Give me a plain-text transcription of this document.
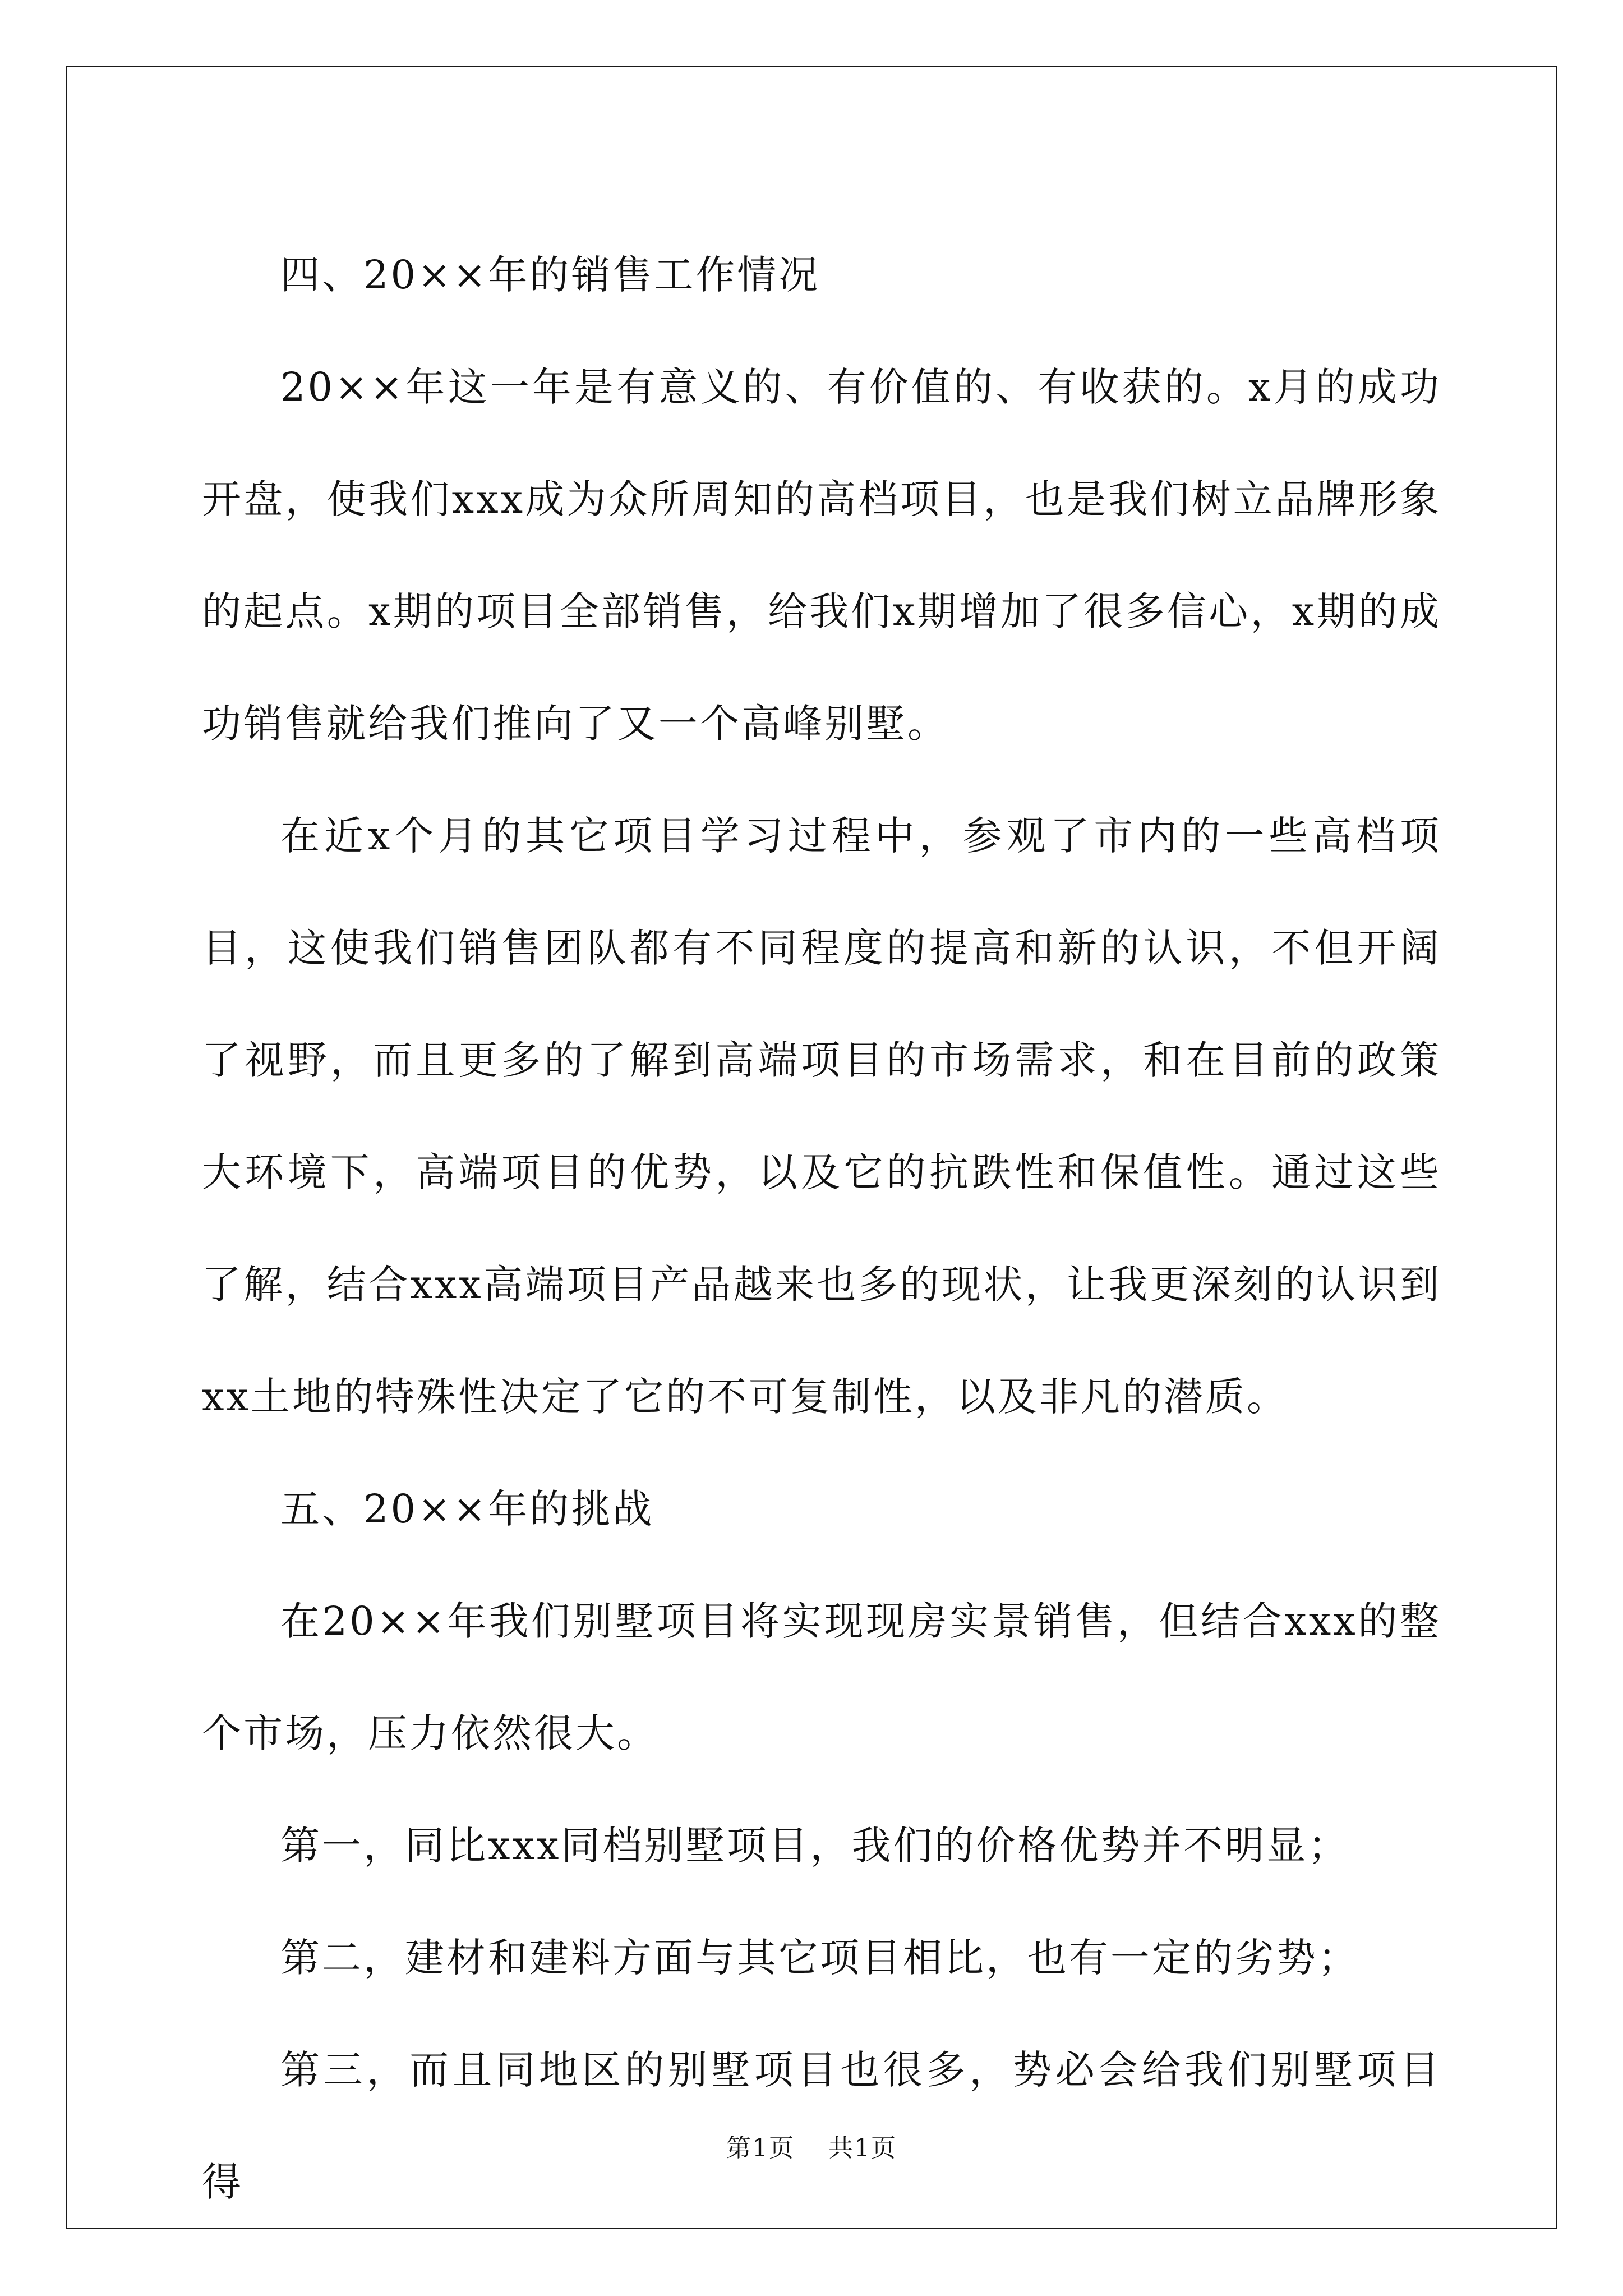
四、20××年的销售工作情况

20××年这一年是有意义的、有价值的、有收获的。x月的成功开盘，使我们xxx成为众所周知的高档项目，也是我们树立品牌形象的起点。x期的项目全部销售，给我们x期增加了很多信心，x期的成功销售就给我们推向了又一个高峰别墅。

在近x个月的其它项目学习过程中，参观了市内的一些高档项目，这使我们销售团队都有不同程度的提高和新的认识，不但开阔了视野，而且更多的了解到高端项目的市场需求，和在目前的政策大环境下，高端项目的优势，以及它的抗跌性和保值性。通过这些了解，结合xxx高端项目产品越来也多的现状，让我更深刻的认识到xx土地的特殊性决定了它的不可复制性，以及非凡的潜质。

五、20××年的挑战

在20××年我们别墅项目将实现现房实景销售，但结合xxx的整个市场，压力依然很大。

第一，同比xxx同档别墅项目，我们的价格优势并不明显；

第二，建材和建料方面与其它项目相比，也有一定的劣势；

第三，而且同地区的别墅项目也很多，势必会给我们别墅项目得

第1页 共1页
